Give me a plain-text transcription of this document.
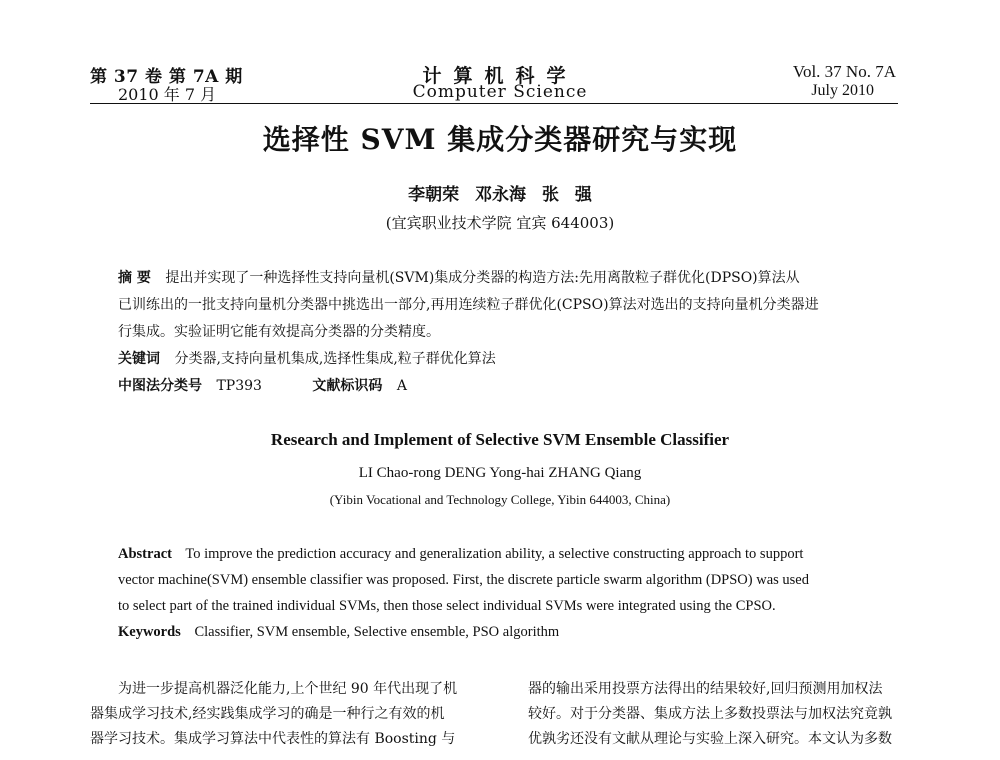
第 37 卷 第 7A 期
2010 年 7 月
计算机科学
Computer Science
Vol. 37 No. 7A
July 2010
选择性 SVM 集成分类器研究与实现
李朝荣 邓永海 张 强
(宜宾职业技术学院 宜宾 644003)

摘 要 提出并实现了一种选择性支持向量机(SVM)集成分类器的构造方法:先用离散粒子群优化(DPSO)算法从

已训练出的一批支持向量机分类器中挑选出一部分,再用连续粒子群优化(CPSO)算法对选出的支持向量机分类器进

行集成。实验证明它能有效提高分类器的分类精度。

关键词 分类器,支持向量机集成,选择性集成,粒子群优化算法

中图法分类号 TP393	文献标识码 A

Research and Implement of Selective SVM Ensemble Classifier
LI Chao-rong DENG Yong-hai ZHANG Qiang
(Yibin Vocational and Technology College, Yibin 644003, China)

Abstract To improve the prediction accuracy and generalization ability, a selective constructing approach to support

vector machine(SVM) ensemble classifier was proposed. First, the discrete particle swarm algorithm (DPSO) was used

to select part of the trained individual SVMs, then those select individual SVMs were integrated using the CPSO.

Keywords Classifier, SVM ensemble, Selective ensemble, PSO algorithm

为进一步提高机器泛化能力,上个世纪 90 年代出现了机

器集成学习技术,经实践集成学习的确是一种行之有效的机

器学习技术。集成学习算法中代表性的算法有 Boosting 与

器的输出采用投票方法得出的结果较好,回归预测用加权法

较好。对于分类器、集成方法上多数投票法与加权法究竟孰

优孰劣还没有文献从理论与实验上深入研究。本文认为多数
